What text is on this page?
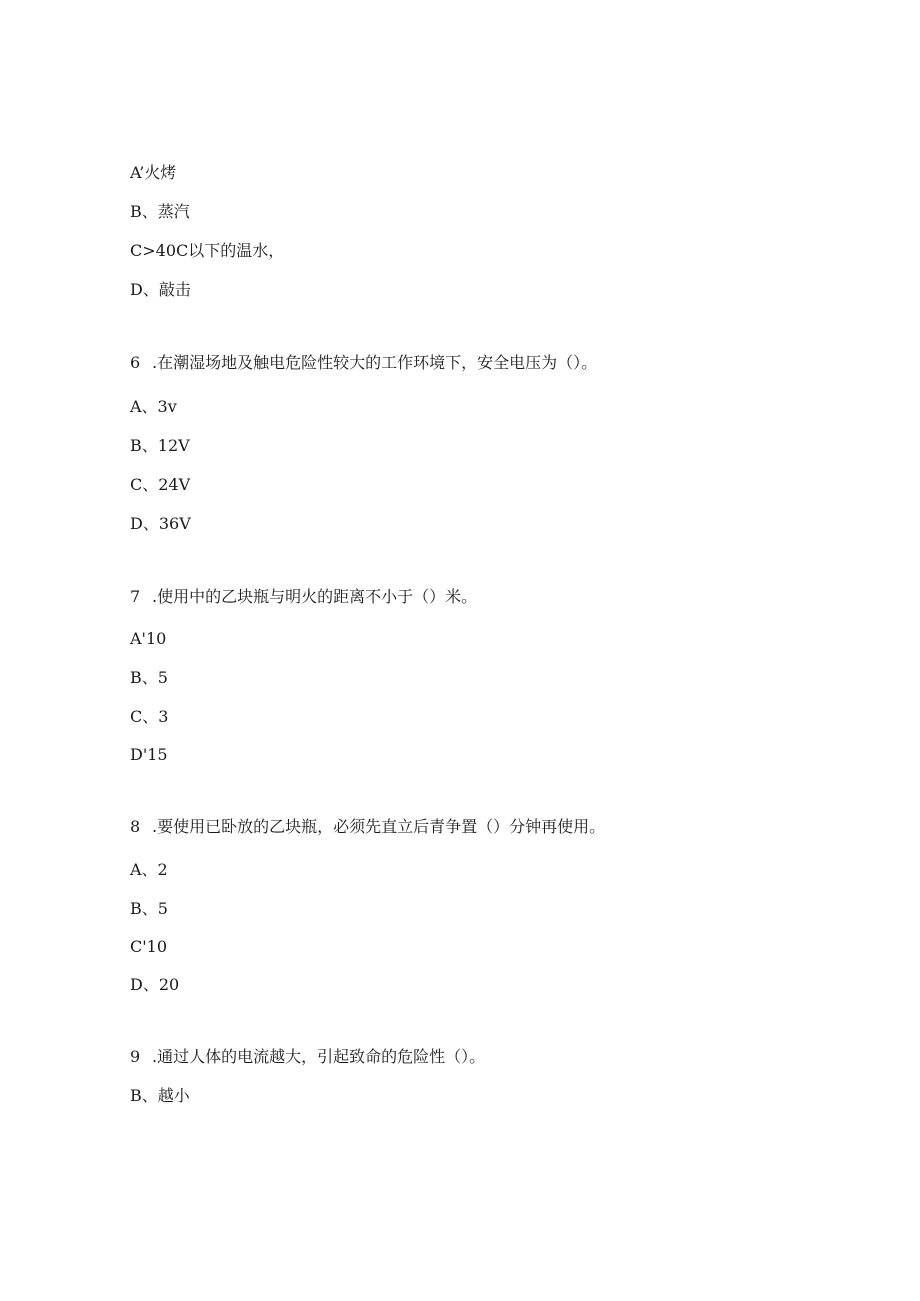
A’火烤
B、蒸汽
C>40C以下的温水，
D、敲击
6 .在潮湿场地及触电危险性较大的工作环境下，安全电压为（）。
A、3v
B、12V
C、24V
D、36V
7 .使用中的乙块瓶与明火的距离不小于（）米。
A'10
B、5
C、3
D'15
8 .要使用已卧放的乙块瓶，必须先直立后青争置（）分钟再使用。
A、2
B、5
C'10
D、20
9 .通过人体的电流越大，引起致命的危险性（）。
B、越小
